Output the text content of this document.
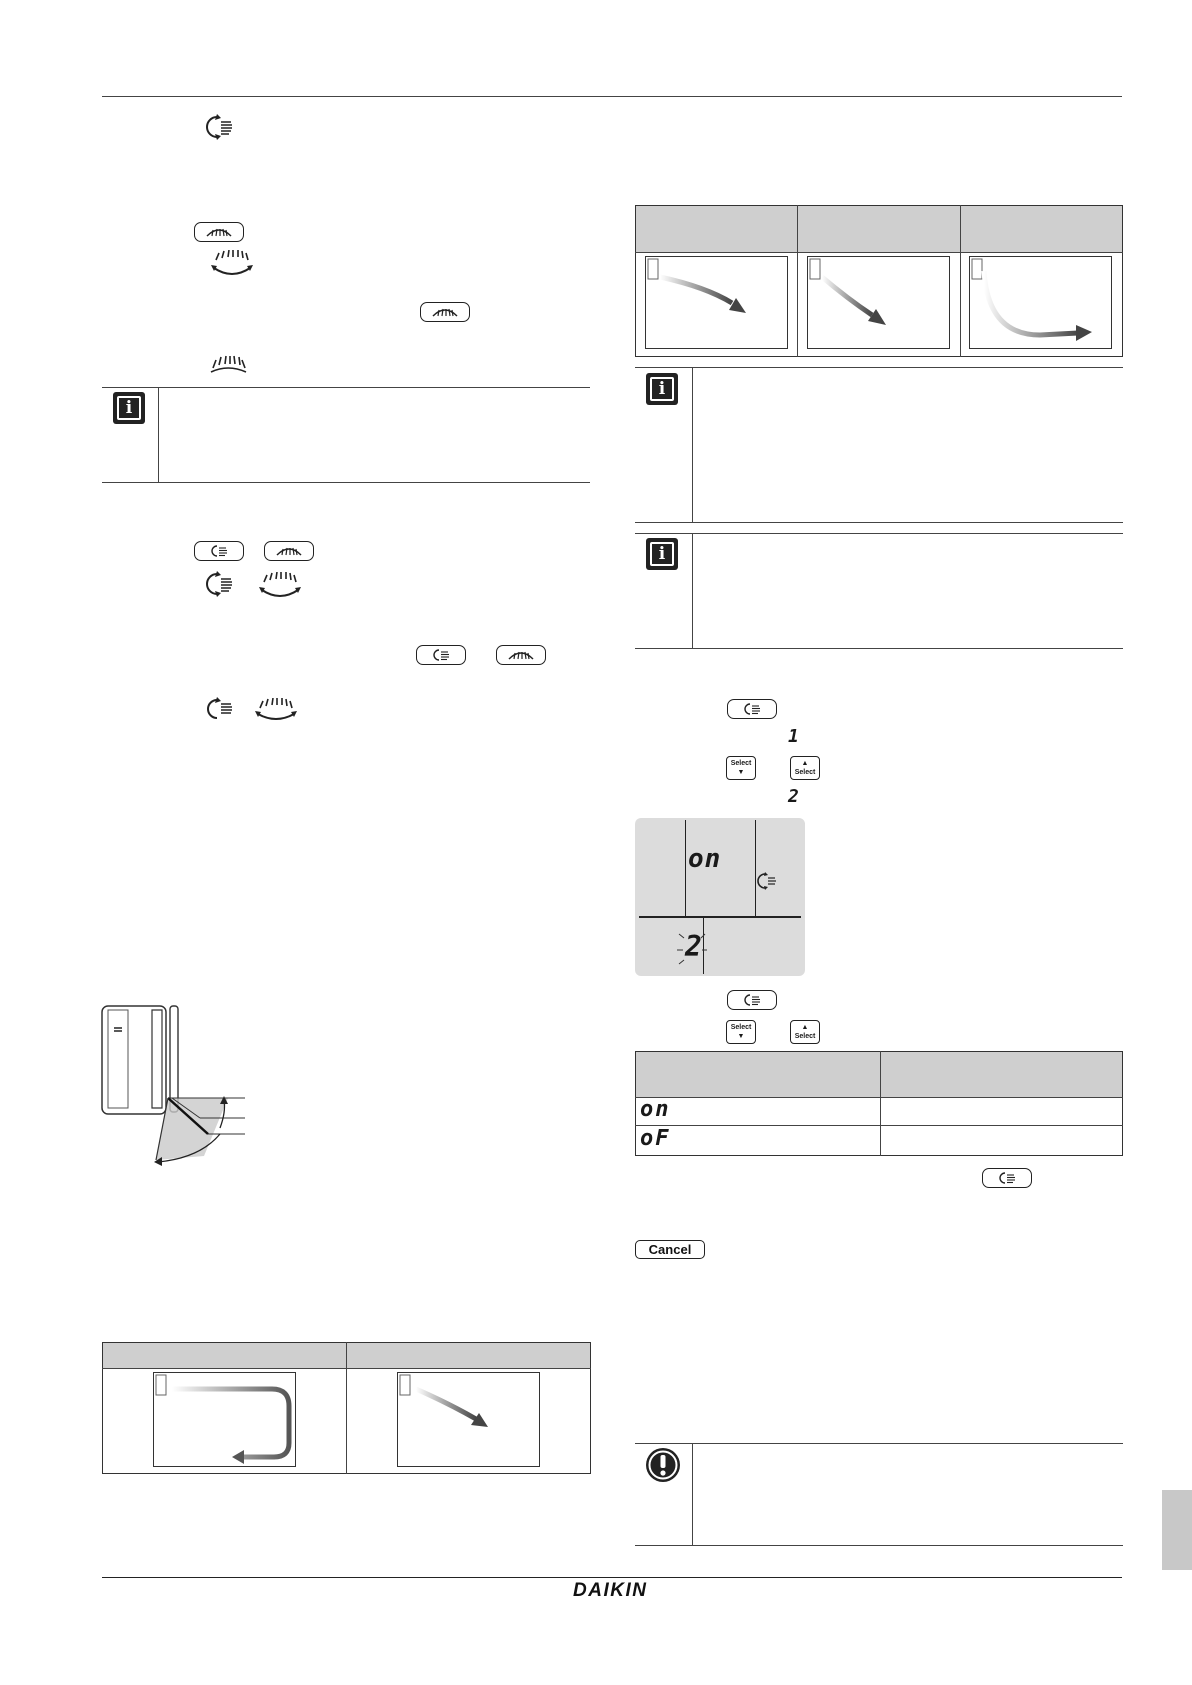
i
i
i
1
Select
▼
▲
Select
2
on
2
Select
▼
▲
Select
on
oF
Cancel
DAIKIN
